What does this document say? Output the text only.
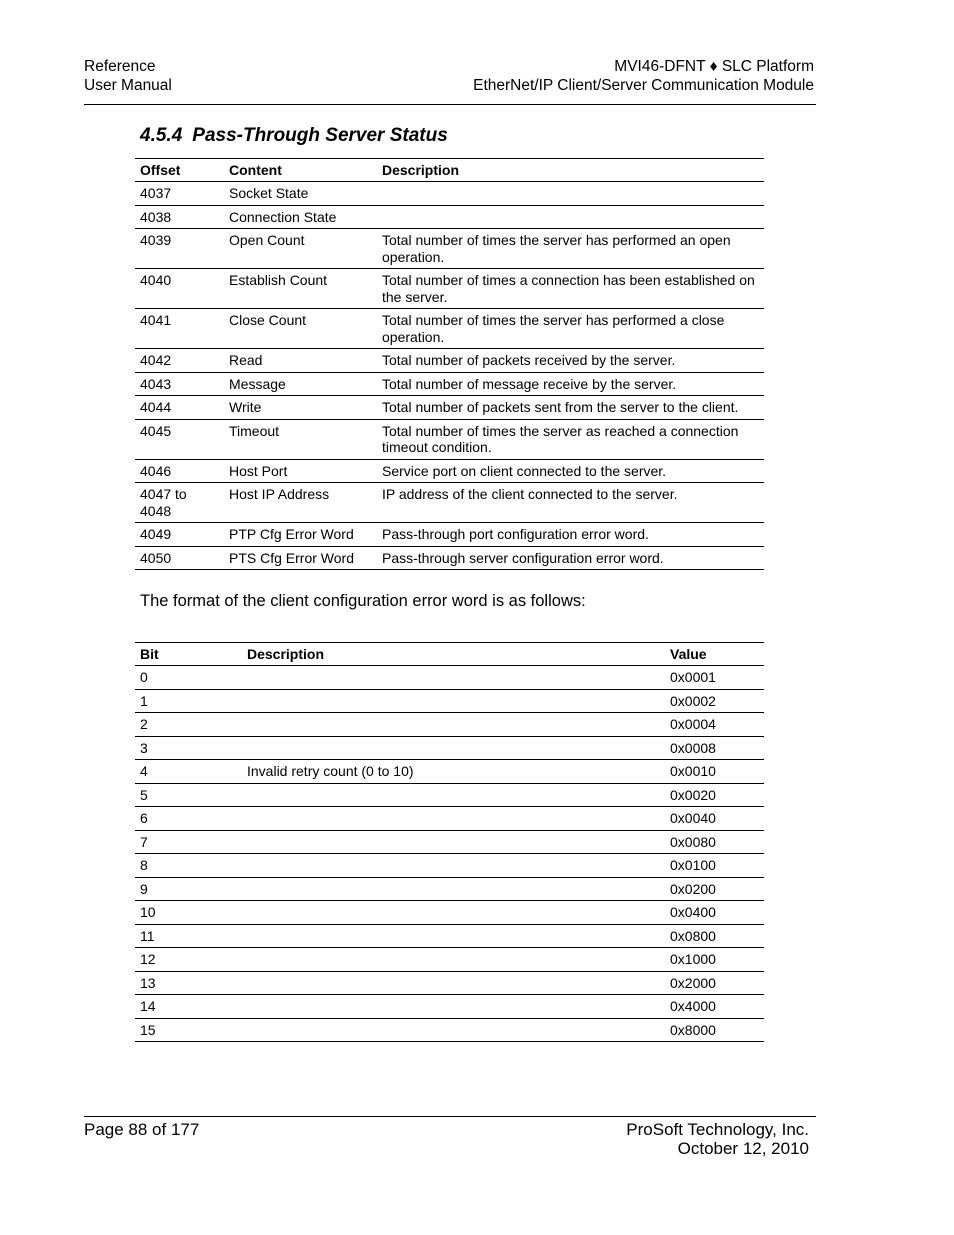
Reference
User Manual
MVI46-DFNT ♦ SLC Platform
EtherNet/IP Client/Server Communication Module
4.5.4 Pass-Through Server Status
Offset	Content	Description
4037	Socket State	
4038	Connection State	
4039	Open Count	Total number of times the server has performed an open operation.
4040	Establish Count	Total number of times a connection has been established on the server.
4041	Close Count	Total number of times the server has performed a close operation.
4042	Read	Total number of packets received by the server.
4043	Message	Total number of message receive by the server.
4044	Write	Total number of packets sent from the server to the client.
4045	Timeout	Total number of times the server as reached a connection timeout condition.
4046	Host Port	Service port on client connected to the server.
4047 to 4048	Host IP Address	IP address of the client connected to the server.
4049	PTP Cfg Error Word	Pass-through port configuration error word.
4050	PTS Cfg Error Word	Pass-through server configuration error word.
The format of the client configuration error word is as follows:
Bit	Description	Value
0		0x0001
1		0x0002
2		0x0004
3		0x0008
4	Invalid retry count (0 to 10)	0x0010
5		0x0020
6		0x0040
7		0x0080
8		0x0100
9		0x0200
10		0x0400
11		0x0800
12		0x1000
13		0x2000
14		0x4000
15		0x8000
Page 88 of 177	ProSoft Technology, Inc.
October 12, 2010
